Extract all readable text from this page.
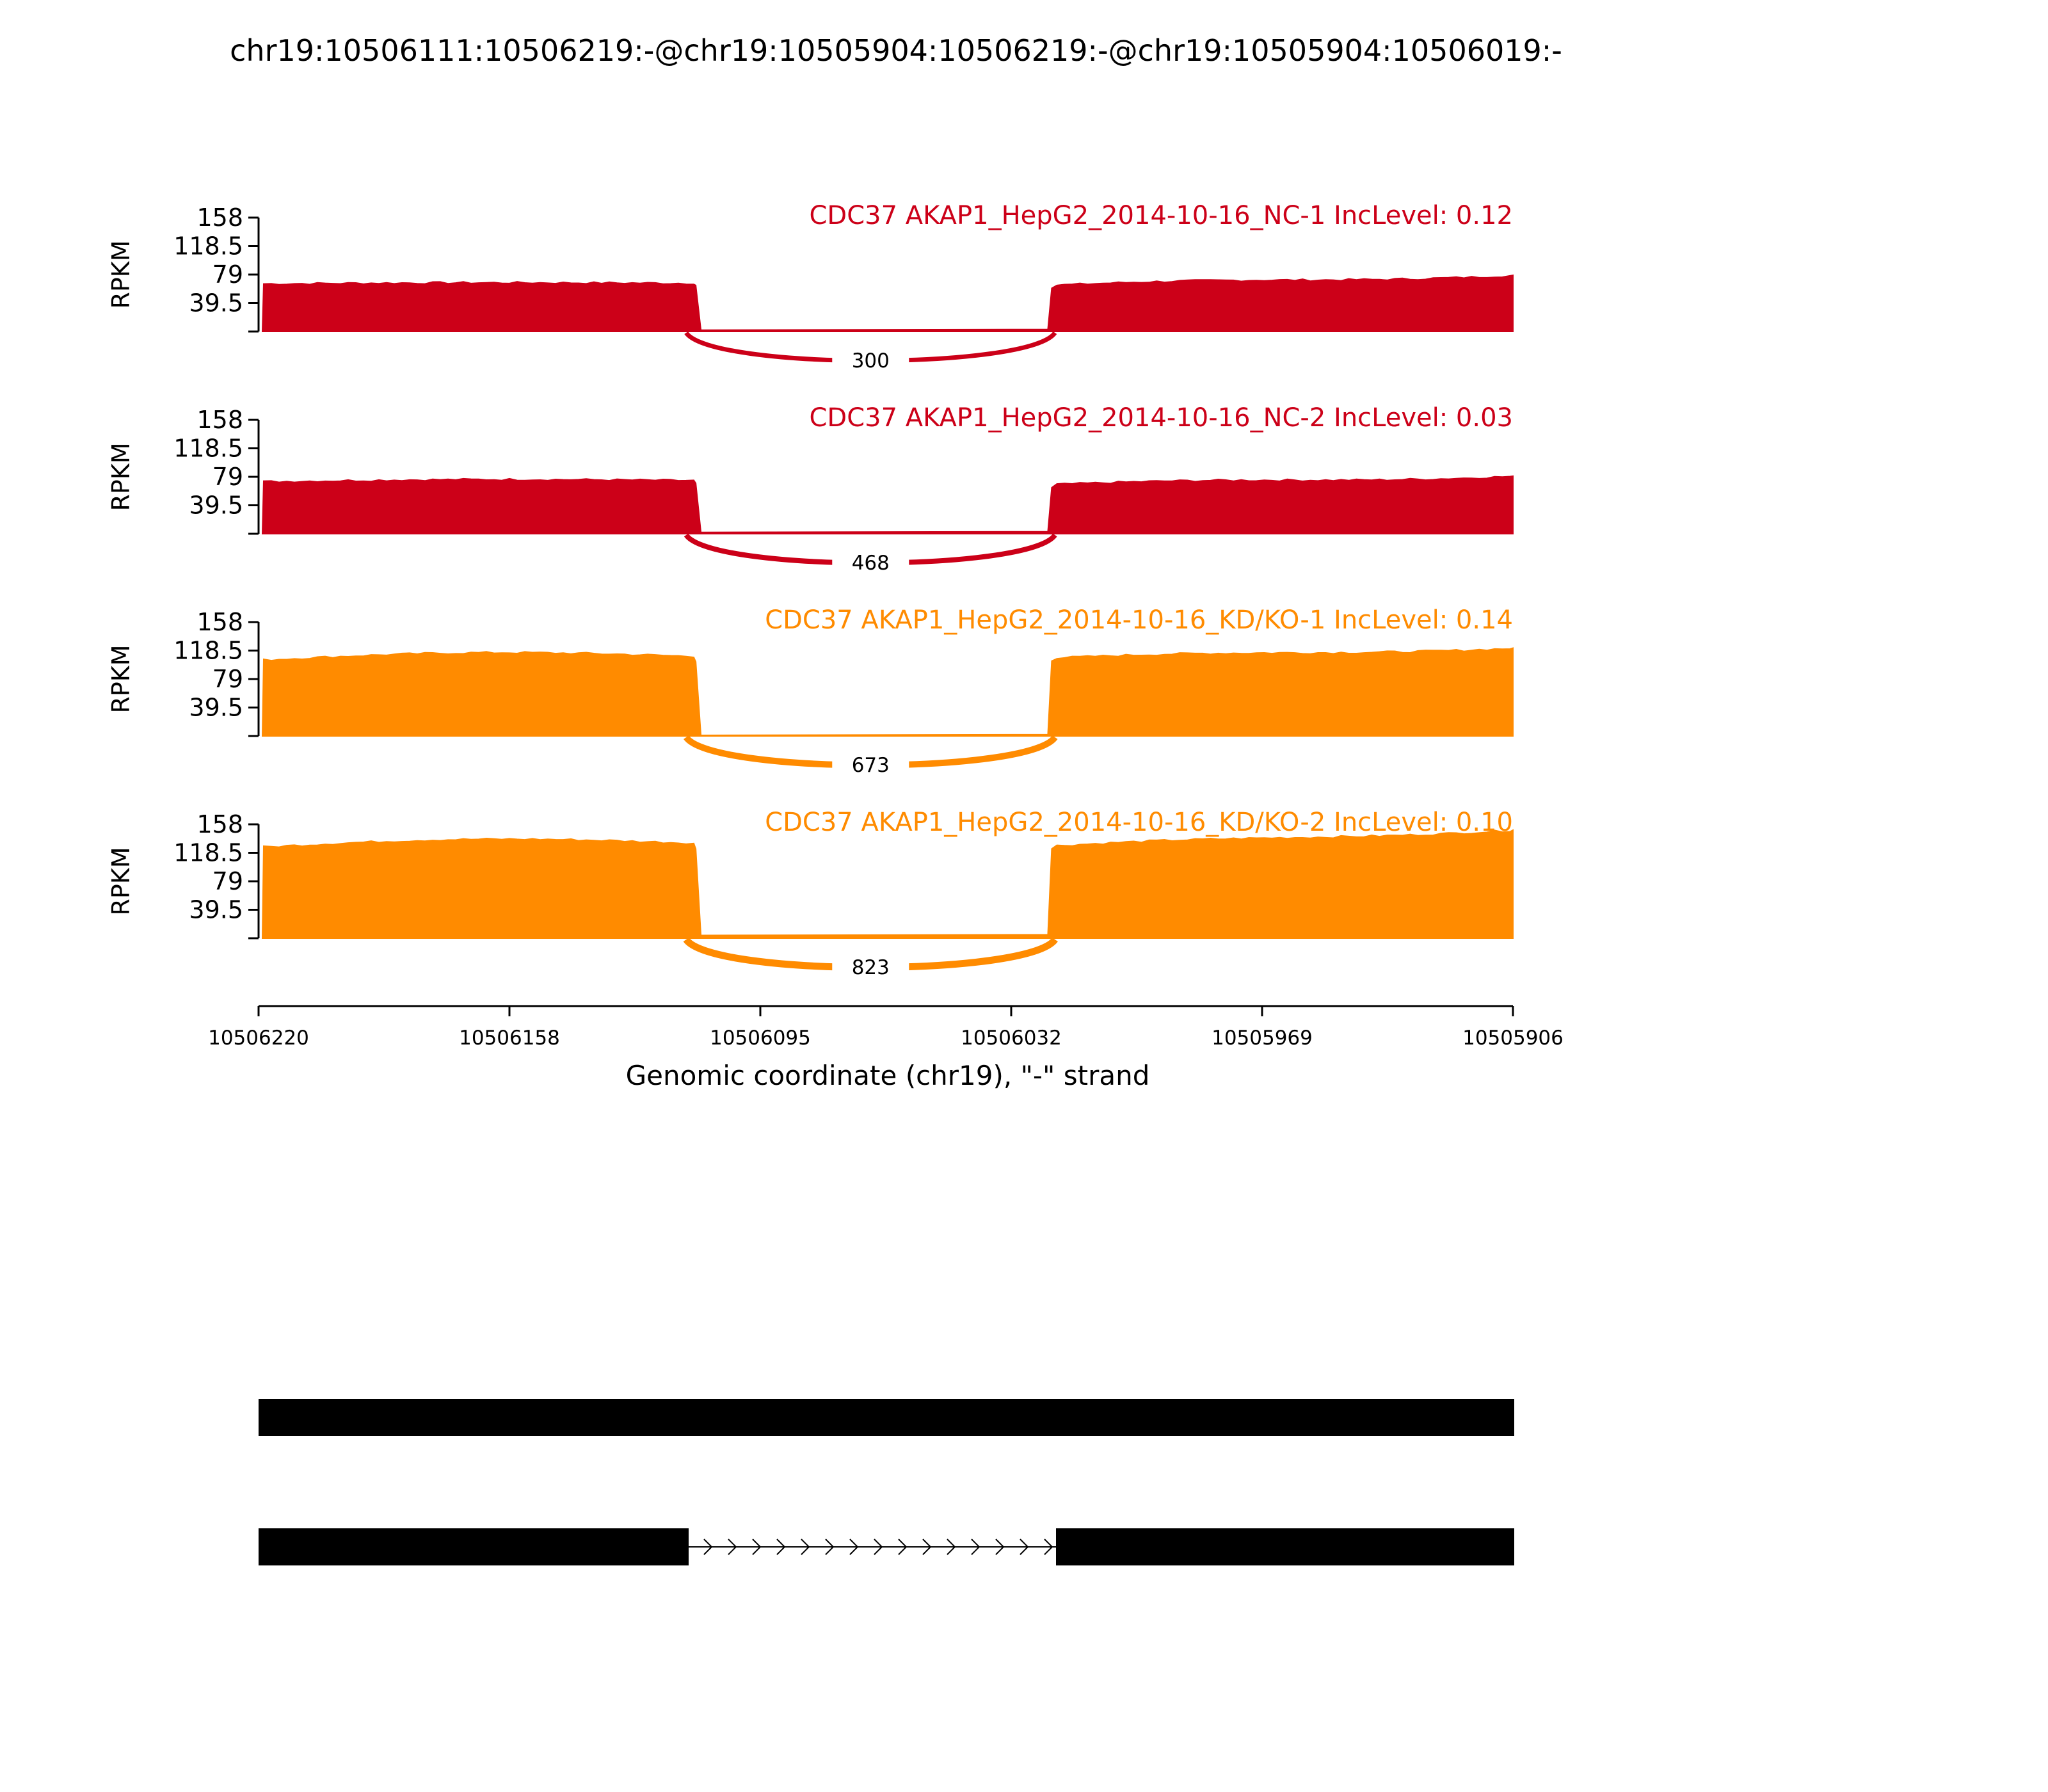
chr19:10506111:10506219:-@chr19:10505904:10506219:-@chr19:10505904:10506019:-
158
118.5
79
39.5
RPKM
CDC37 AKAP1_HepG2_2014-10-16_NC-1 IncLevel: 0.12
300
158
118.5
79
39.5
RPKM
CDC37 AKAP1_HepG2_2014-10-16_NC-2 IncLevel: 0.03
468
158
118.5
79
39.5
RPKM
CDC37 AKAP1_HepG2_2014-10-16_KD/KO-1 IncLevel: 0.14
673
158
118.5
79
39.5
RPKM
CDC37 AKAP1_HepG2_2014-10-16_KD/KO-2 IncLevel: 0.10
823
10506220	10506158	10506095	10506032	10505969	10505906
Genomic coordinate (chr19), "-" strand
